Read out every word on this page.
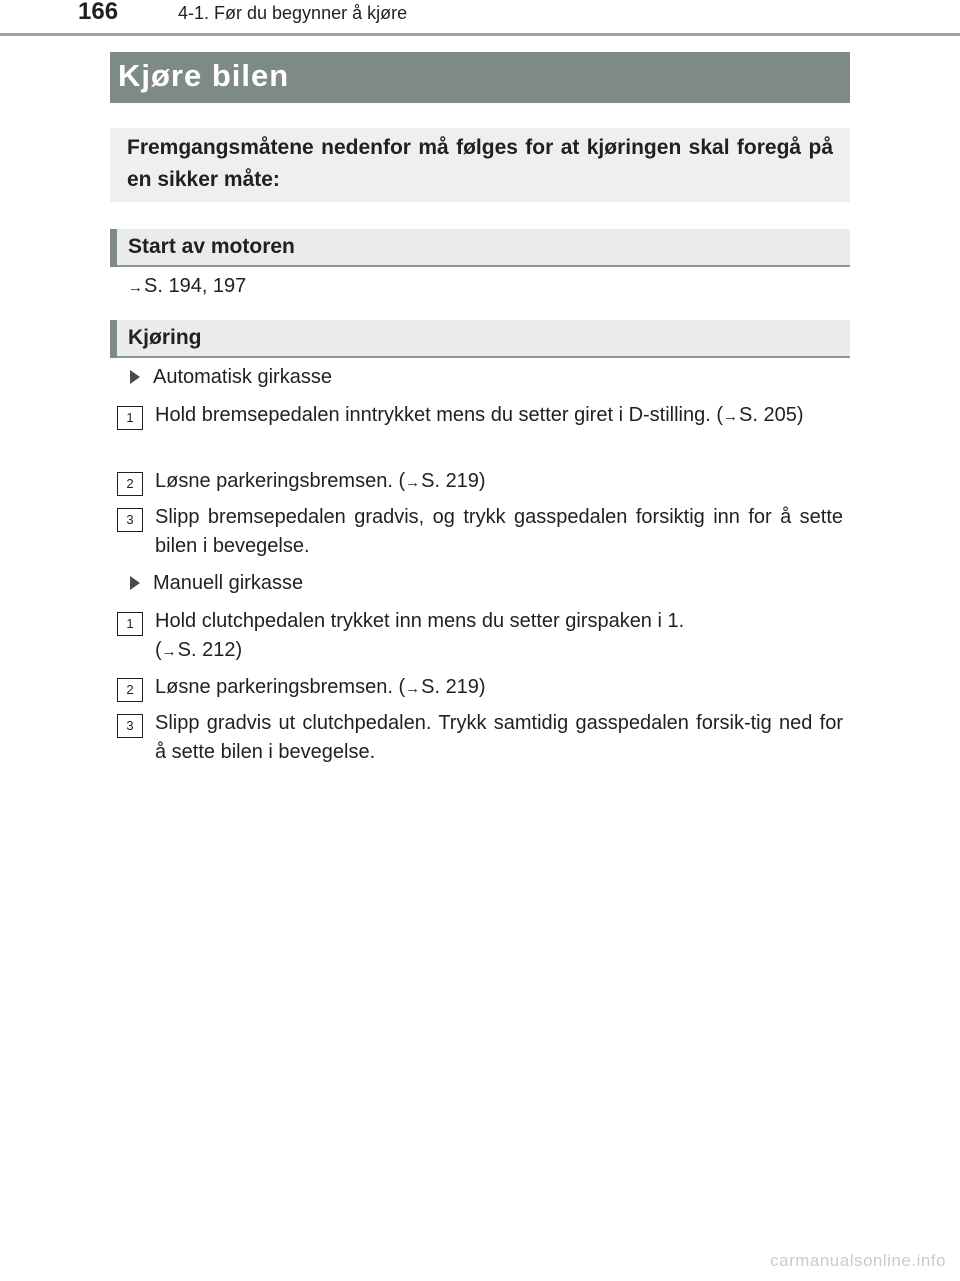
166	4-1. Før du begynner å kjøre
Kjøre bilen

Fremgangsmåtene nedenfor må følges for at kjøringen skal foregå på en sikker måte:

Start av motoren
→S. 194, 197
Kjøring
Automatisk girkasse
1	Hold bremsepedalen inntrykket mens du setter giret i D-stilling. (→S. 205)

2	Løsne parkeringsbremsen. (→S. 219)

3	Slipp bremsepedalen gradvis, og trykk gasspedalen forsiktig inn for å sette bilen i bevegelse.

Manuell girkasse
1	Hold clutchpedalen trykket inn mens du setter girspaken i 1.
(→S. 212)

2	Løsne parkeringsbremsen. (→S. 219)

3	Slipp gradvis ut clutchpedalen. Trykk samtidig gasspedalen forsik-tig ned for å sette bilen i bevegelse.

carmanualsonline.info
